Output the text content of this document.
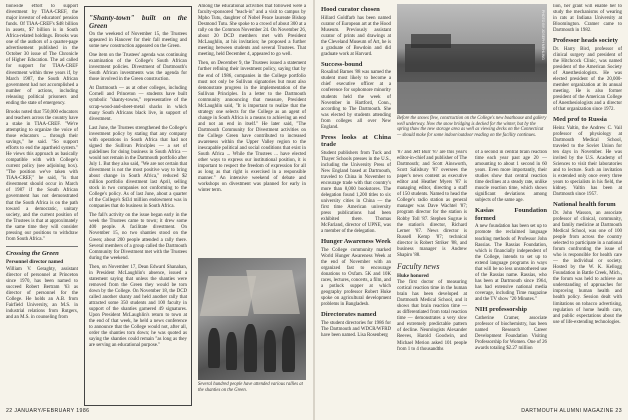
tionwide effort to support divestment by TIAA-CREF, the major investor of educators' pension funds. Of TIAA-CREF's $48 billion in assets, $7 billion is in South Africa-related holdings. Brooks was one of the authors of a quarter-page advertisement published in the October 30 issue of The Chronicle of Higher Education. The ad called for support for TIAA-CREF divestment within three years if, by March 1987, the South African government had not accomplished a number of actions, including releasing political prisoners and ending the state of emergency.

Brooks noted that 750,000 educators and teachers across the country have a stake in TIAA-CREF. "We're attempting to organize the voice of those educators ... through their savings," he said. "So support efforts to end the apartheid system." He views this approach as basically compatible with with College's current policy (see adjoining box). "The position we've taken with TIAA-CREF," he said, "is that divestment should occur in March of 1987 if the South African government has not demonstrated that the South Africa is on the path toward a democratic, unitary society, and the current position of the Trustees is that at approximately the same time they will consider pressing our positions to withdraw from South Africa."

Crossing the Green
Personnel director named

William V. Geraghty, assistant director of personnel at Princeton since 1970, has been named to succeed Robert Bertram '63 as director of personnel for the College. He holds an A.B. from Fairfield University, an M.S. in industrial relations from Rutgers, and an M.S. in counseling from

"Shanty-town" built on the Green

On the weekend of November 15, the Trustees appeared in Hanover for their fall meeting and some new construction appeared on the Green.

One item on the Trustees' agenda was continuing examination of the College's South African investment policies. Divestment of Dartmouth's South African investments was the agenda for those involved in the Green construction.

At Dartmouth — as at other colleges, including Cornell and Princeton — students have built symbolic "shanty-towns," representative of the scrap-wood-and-sheet-metal shacks in which many South Africans black live, in support of divestment.

Last June, the Trustees strengthened the College's investment policy by stating that any company with operations in South Africa that had not signed the Sullivan Principles — a set of guidelines for doing business in South Africa — would not remain in the Dartmouth portfolio after July 1. But they also said, "We are not certain that divestment is not the most positive way to bring about change in South Africa," reduced $2 million portfolio divestment last April, selling stock in two companies not conforming to the College's policy. As of last June, about a quarter of the College's $434 million endowment was in companies that do business in South Africa.

The fall's activity on the issue began early in the week the Trustees came to town; it drew some 400 people. A facilitate divestment. On November 15, no two shanties stood on the Green; about 200 people attended a rally there. Several members of a group called the Dartmouth Community for Divestment met with the Trustees during the weekend.

Then, on November 17, Dean Edward Shanahan, in President McLaughlin's absence, issued a statement saying that unless the shanties were removed from the Green they would be torn down by the College. On November 18, the DCD called another shanty and held another rally that attracted some 350 students and 100 faculty in support of the shanties garnered 49 signatures. Upon President McLaughlin's return to town at the end of that week, he held a news conference to announce that the College would not, after all, order the shanties torn down; he was quoted as saying the shanties could remain "as long as they are serving an educational purpose."

Among the educational activities that followed were a faculty-sponsored "teach-in" and a visit to campus by Mpho Tutu, daughter of Nobel Peace laureate Bishop Desmond Tutu. She spoke to a crowd of about 300 at a rally on the Common November 24. On November 26, about 20 DCD members met with President McLaughlin, at his invitation; he proposed a further meeting between students and several Trustees. That meeting, held December 4, appeared to go well.

Then, on December 9, the Trustees issued a statement further refining their investment policy, saying that by the end of 1986, companies in the College portfolio must not only be Sullivan signatories but must also demonstrate progress in the implementation of the Sullivan Principles. In a letter to the Dartmouth community announcing that measure, President McLaughlin said, "It is important to realize that the strategy one selects for the College as an agent of change in South Africa is a means to achieving an end and not an end in itself." He later said, "The Dartmouth Community for Divestment activities on the College Green have contributed to increased awareness within the Upper Valley region to the inescapable political and social conditions that exist in South Africa ... While the Trustees ... have elected other ways to express our institutional position, it is important to respect the freedom of expression for all as long as that right is exercised in a responsible manner." An intensive weekend of debate and workshops on divestment was planned for early in winter term.

Several hundred people have attended various rallies at the shanties on the Green.
22 JANUARY/FEBRUARY 1986
Hood curator chosen

Hillard Goldfarb has been named curator of European art at the Hood Museum. Previously assistant curator of prints and drawings at the Cleveland Museum of Art, he is a graduate of Bowdoin and did graduate work at Harvard.

Success-bound

Rosalind Barnes '88 was named the student most likely to become a chief executive officer at a conference for sophomore minority students held the week of November in Hartford, Conn., according to The Dartmouth. She was elected by students attending from colleges all over New England.

Press looks at China trade

Student publishers from Tuck and Thayer Schools presses in the U.S., including the University Press of New England based at Dartmouth, traveled to China in November to encourage trade with that country's more than 8,000 bookstores. The delegation found 1,200 titles to six university cities in China — the first time American university press publications had been exhibited there. Thomas McFarland, director of UPNE, was a member of the delegation.

Hunger Awareness Week

The College community marked World Hunger Awareness Week at the end of November with an organized fast to encourage donations to Oxfam. 5K and 10K races, lectures, concerts, a film, and a potluck supper at which geography professor Robert Huke spoke on agricultural development problems in Bangladesh.

Directorates named

The student directories for 1986 for The Dartmouth and WDCR/WFRD have been named. Lisa Rosenberg

PHOTO BY JOSEPH MEHLING
Before the snows flew, construction on the College's new boathouse and gallery well underway. Now the snow bridging is decked for the winter, but by the spring thaw the new storage area as well as viewing decks on the Connecticut — should make for some indoor/outdoor reading on the facility continues.

'87 and Jeff Burr '87 are this year's editor-in-chief and publisher of The Dartmouth; and Scott Ainsworth, Scott Salisbury '87 oversees the paper's news content as executive editor and Heather Myers '87 is managing editor, directing a staff of 150 students. Named to head the College's radio station as general manager was Dave Wachtel '87; program director for the station is Robby Toll '87. Stephen Sugrue is the station's director, Richard Lerner '87. News director is Russell Kemp '87; technical director is Robert Striker '88, and business manager is Andrew Shapiro '88.

Faculty news
Huke honored

The first doctor of measuring cortical reaction time in the human brain has been developed at Dartmouth Medical School, and it shows that brain reaction time — as differentiated from total reaction time — demonstrates a very slow and extremely predictable pattern of decline. Neurologists Alexander Reeves, Harold Goodwin, and Michael Merion asked 101 people from 1 to 4 thousandths

of a second in central brain reaction time each year past age 20 — amounting to about 1 second in 60 years. Even more importantly, their studies show that central reaction time declines at a steady rate, unlike muscle reaction time, which shows significant deviations among subjects of the same age.

Kasias Foundation formed

A new foundation has been set up to promote the reclaimed language teaching methods of Professor John Rassias. The Rassias Foundation, which is financially independent of the College, intends to set up to extend language programs in ways that will be no less unsmothered use of the Rassias name. Rassias, who has been at Dartmouth since 1964, has had extensive national media coverage, including Time magazine and the TV show "20 Minutes."

NIH professorship

Catherine Cramer, associate professor of biochemistry, has been named Research Career Development Foundation Visiting Professorship for Women. One of 26 awards totaling $2.27 million

lion, her grant will enable her to study the mechanisms of wearing in rats at Indiana University at Bloomington. Cramer came to Dartmouth in 1982.

Professor heads society

Dr. Harry Bird, professor of clinical surgery and president of the Hitchcock Clinic, was named president of the American Society of Anesthesiologists. He was elected president of the 20,000-member organization at its annual meeting. He is also former president of the American College of Anesthesiologists and a director of that organization since 1972.

Med prof to Russia

Heinz Valtin, the Andrew C. Vail professor of physiology at Dartmouth Medical School, traveled to the Soviet Union for ten days in November. He was invited by the U.S. Academy of Sciences to visit their laboratories and to lecture. Such an invitation is extended only once every three years to specialists in his field, the kidney. Valtin has been at Dartmouth since 1957.

National health forum

Dr. John Wasson, an associate professor of clinical, community, and family medicine at Dartmouth Medical School, was one of 100 people from across the country selected to participate in a national forum confronting the issue of who is responsible for health care — the individual or society. Hosted by the W. K. Kellogg Foundation in Battle Creek, Mich., the forum was held to achieve an understanding of approaches for improving human health and health policy. Session dealt with limitations on tobacco advertising, regulation of home health care, and public expectations about the use of life-extending technologies.

DARTMOUTH ALUMNI MAGAZINE 23
